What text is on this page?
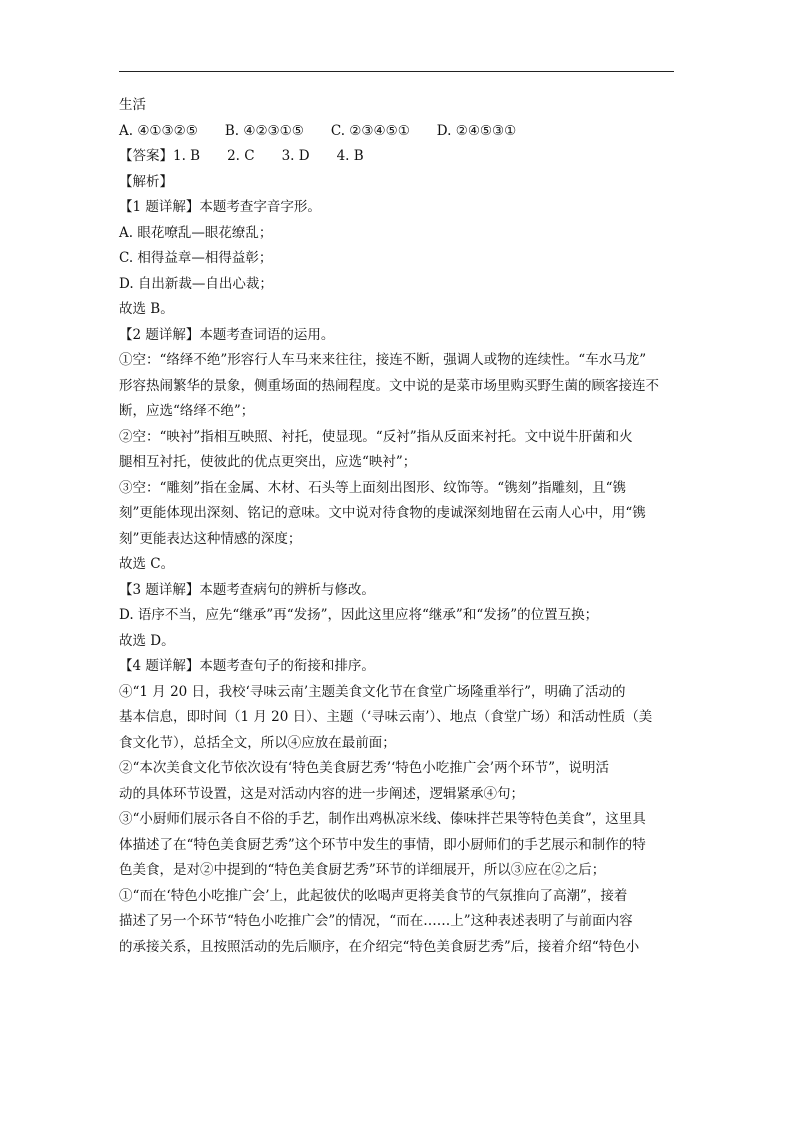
生活
A. ④①③②⑤　　B. ④②③①⑤　　C. ②③④⑤①　　D. ②④⑤③①
【答案】1. B　　2. C　　3. D　　4. B
【解析】
【1 题详解】本题考查字音字形。
A. 眼花嘹乱—眼花缭乱；
C. 相得益章—相得益彰；
D. 自出新裁—自出心裁；
故选 B。
【2 题详解】本题考查词语的运用。
①空：“络绎不绝”形容行人车马来来往往，接连不断，强调人或物的连续性。“车水马龙”
形容热闹繁华的景象，侧重场面的热闹程度。文中说的是菜市场里购买野生菌的顾客接连不
断，应选“络绎不绝”；
②空：“映衬”指相互映照、衬托，使显现。“反衬”指从反面来衬托。文中说牛肝菌和火
腿相互衬托，使彼此的优点更突出，应选“映衬”；
③空：“雕刻”指在金属、木材、石头等上面刻出图形、纹饰等。“镌刻”指雕刻，且“镌
刻”更能体现出深刻、铭记的意味。文中说对待食物的虔诚深刻地留在云南人心中，用“镌
刻”更能表达这种情感的深度；
故选 C。
【3 题详解】本题考查病句的辨析与修改。
D. 语序不当，应先“继承”再“发扬”，因此这里应将“继承”和“发扬”的位置互换；
故选 D。
【4 题详解】本题考查句子的衔接和排序。
④“1 月 20 日，我校‘寻味云南’主题美食文化节在食堂广场隆重举行”，明确了活动的
基本信息，即时间（1 月 20 日）、主题（‘寻味云南’）、地点（食堂广场）和活动性质（美
食文化节），总括全文，所以④应放在最前面；
②“本次美食文化节依次设有‘特色美食厨艺秀’‘特色小吃推广会’两个环节”，说明活
动的具体环节设置，这是对活动内容的进一步阐述，逻辑紧承④句；
③“小厨师们展示各自不俗的手艺，制作出鸡枞凉米线、傣味拌芒果等特色美食”，这里具
体描述了在“特色美食厨艺秀”这个环节中发生的事情，即小厨师们的手艺展示和制作的特
色美食，是对②中提到的“特色美食厨艺秀”环节的详细展开，所以③应在②之后；
①“而在‘特色小吃推广会’上，此起彼伏的吆喝声更将美食节的气氛推向了高潮”，接着
描述了另一个环节“特色小吃推广会”的情况，“而在……上”这种表述表明了与前面内容
的承接关系，且按照活动的先后顺序，在介绍完“特色美食厨艺秀”后，接着介绍“特色小
